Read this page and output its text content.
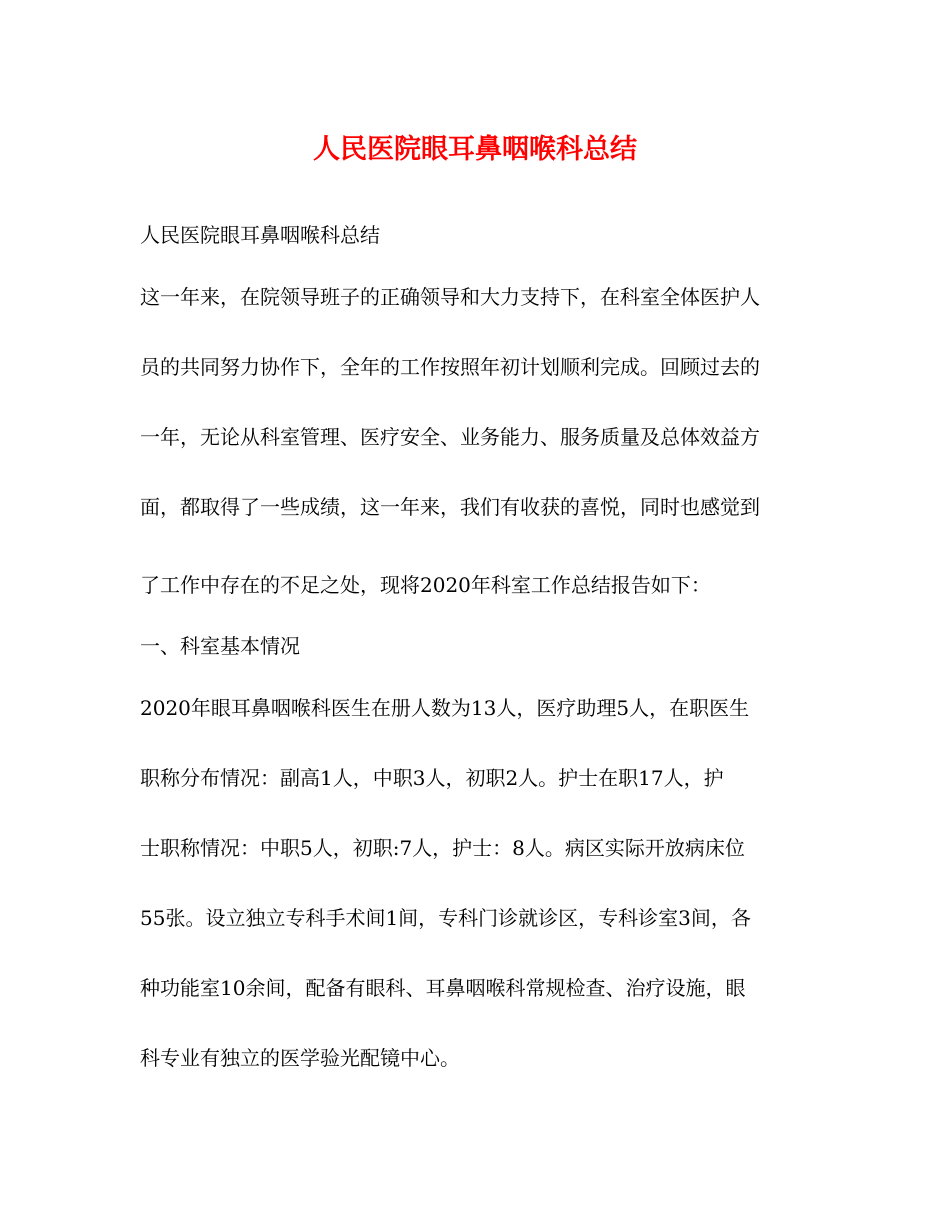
人民医院眼耳鼻咽喉科总结
人民医院眼耳鼻咽喉科总结
这一年来，在院领导班子的正确领导和大力支持下，在科室全体医护人
员的共同努力协作下，全年的工作按照年初计划顺利完成。回顾过去的
一年，无论从科室管理、医疗安全、业务能力、服务质量及总体效益方
面，都取得了一些成绩，这一年来，我们有收获的喜悦，同时也感觉到
了工作中存在的不足之处，现将2020年科室工作总结报告如下：
一、科室基本情况
2020年眼耳鼻咽喉科医生在册人数为13人，医疗助理5人，在职医生
职称分布情况：副高1人，中职3人，初职2人。护士在职17人，护
士职称情况：中职5人，初职:7人，护士：8人。病区实际开放病床位
55张。设立独立专科手术间1间，专科门诊就诊区，专科诊室3间，各
种功能室10余间，配备有眼科、耳鼻咽喉科常规检查、治疗设施，眼
科专业有独立的医学验光配镜中心。
